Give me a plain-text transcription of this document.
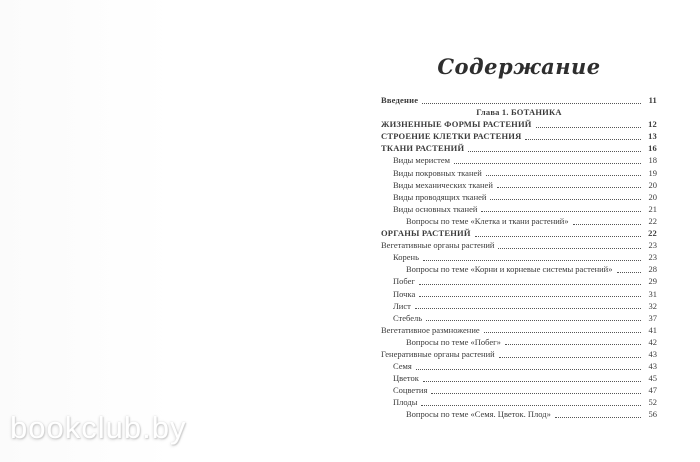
Содержание
Введение	11
Глава 1. БОТАНИКА
ЖИЗНЕННЫЕ ФОРМЫ РАСТЕНИЙ	12
СТРОЕНИЕ КЛЕТКИ РАСТЕНИЯ	13
ТКАНИ РАСТЕНИЙ	16
Виды меристем	18
Виды покровных тканей	19
Виды механических тканей	20
Виды проводящих тканей	20
Виды основных тканей	21
Вопросы по теме «Клетка и ткани растений»	22
ОРГАНЫ РАСТЕНИЙ	22
Вегетативные органы растений	23
Корень	23
Вопросы по теме «Корни и корневые системы растений»	28
Побег	29
Почка	31
Лист	32
Стебель	37
Вегетативное размножение	41
Вопросы по теме «Побег»	42
Генеративные органы растений	43
Семя	43
Цветок	45
Соцветия	47
Плоды	52
Вопросы по теме «Семя. Цветок. Плод»	56
bookclub.by
